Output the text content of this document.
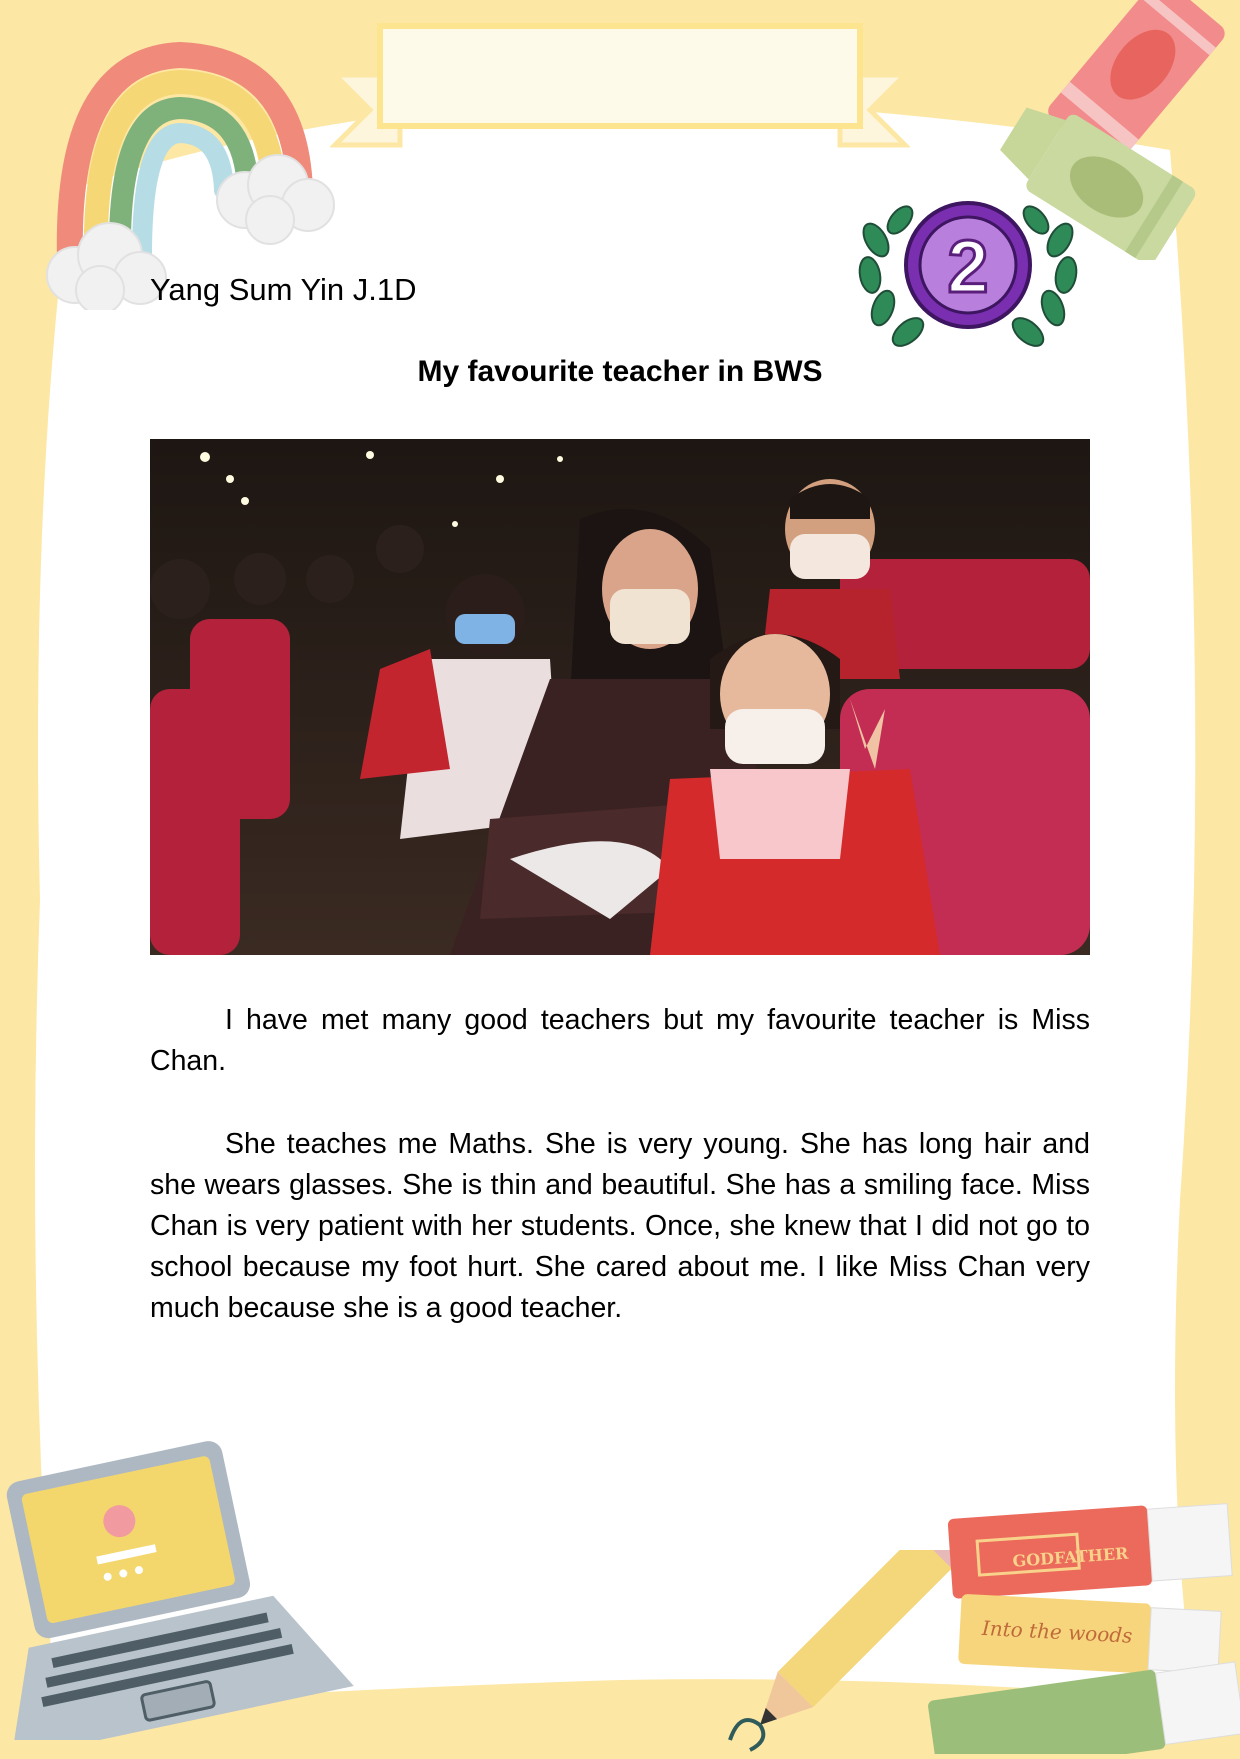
2
GODFATHER
Into the woods

Yang Sum Yin J.1D

My favourite teacher in BWS

I have met many good teachers but my favourite teacher is Miss Chan.

She teaches me Maths. She is very young. She has long hair and she wears glasses. She is thin and beautiful. She has a smiling face. Miss Chan is very patient with her students. Once, she knew that I did not go to school because my foot hurt. She cared about me. I like Miss Chan very much because she is a good teacher.
